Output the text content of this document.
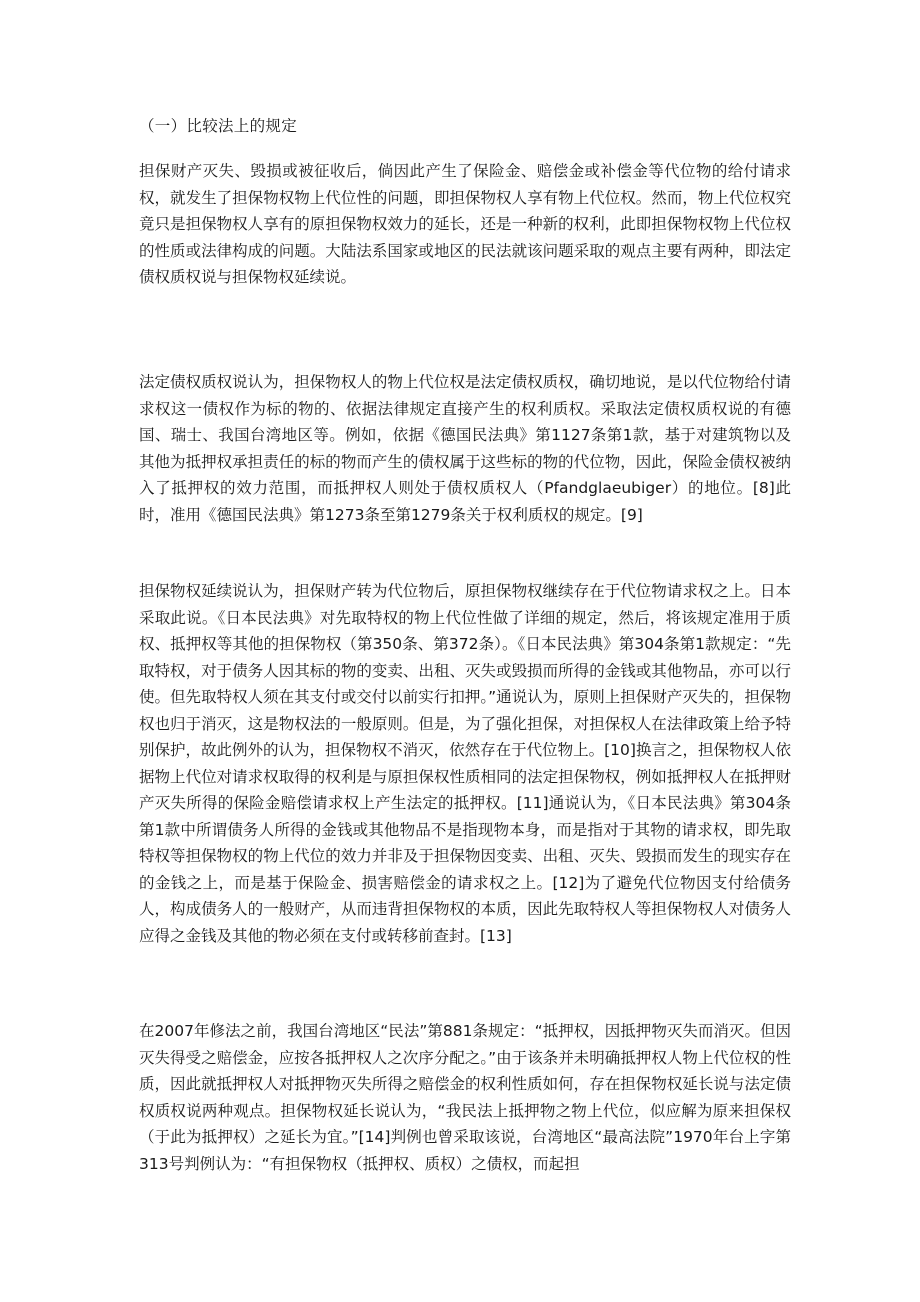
（一）比较法上的规定

担保财产灭失、毁损或被征收后，倘因此产生了保险金、赔偿金或补偿金等代位物的给付请求权，就发生了担保物权物上代位性的问题，即担保物权人享有物上代位权。然而，物上代位权究竟只是担保物权人享有的原担保物权效力的延长，还是一种新的权利，此即担保物权物上代位权的性质或法律构成的问题。大陆法系国家或地区的民法就该问题采取的观点主要有两种，即法定债权质权说与担保物权延续说。

法定债权质权说认为，担保物权人的物上代位权是法定债权质权，确切地说，是以代位物给付请求权这一债权作为标的物的、依据法律规定直接产生的权利质权。采取法定债权质权说的有德国、瑞士、我国台湾地区等。例如，依据《德国民法典》第1127条第1款，基于对建筑物以及其他为抵押权承担责任的标的物而产生的债权属于这些标的物的代位物，因此，保险金债权被纳入了抵押权的效力范围，而抵押权人则处于债权质权人（Pfandglaeubiger）的地位。[8]此时，准用《德国民法典》第1273条至第1279条关于权利质权的规定。[9]

担保物权延续说认为，担保财产转为代位物后，原担保物权继续存在于代位物请求权之上。日本采取此说。《日本民法典》对先取特权的物上代位性做了详细的规定，然后，将该规定准用于质权、抵押权等其他的担保物权（第350条、第372条）。《日本民法典》第304条第1款规定：“先取特权，对于债务人因其标的物的变卖、出租、灭失或毁损而所得的金钱或其他物品，亦可以行使。但先取特权人须在其支付或交付以前实行扣押。”通说认为，原则上担保财产灭失的，担保物权也归于消灭，这是物权法的一般原则。但是，为了强化担保，对担保权人在法律政策上给予特别保护，故此例外的认为，担保物权不消灭，依然存在于代位物上。[10]换言之，担保物权人依据物上代位对请求权取得的权利是与原担保权性质相同的法定担保物权，例如抵押权人在抵押财产灭失所得的保险金赔偿请求权上产生法定的抵押权。[11]通说认为，《日本民法典》第304条第1款中所谓债务人所得的金钱或其他物品不是指现物本身，而是指对于其物的请求权，即先取特权等担保物权的物上代位的效力并非及于担保物因变卖、出租、灭失、毁损而发生的现实存在的金钱之上，而是基于保险金、损害赔偿金的请求权之上。[12]为了避免代位物因支付给债务人，构成债务人的一般财产，从而违背担保物权的本质，因此先取特权人等担保物权人对债务人应得之金钱及其他的物必须在支付或转移前查封。[13]

在2007年修法之前，我国台湾地区“民法”第881条规定：“抵押权，因抵押物灭失而消灭。但因灭失得受之赔偿金，应按各抵押权人之次序分配之。”由于该条并未明确抵押权人物上代位权的性质，因此就抵押权人对抵押物灭失所得之赔偿金的权利性质如何，存在担保物权延长说与法定债权质权说两种观点。担保物权延长说认为，“我民法上抵押物之物上代位，似应解为原来担保权（于此为抵押权）之延长为宜。”[14]判例也曾采取该说，台湾地区“最高法院”1970年台上字第313号判例认为：“有担保物权（抵押权、质权）之债权，而起担
